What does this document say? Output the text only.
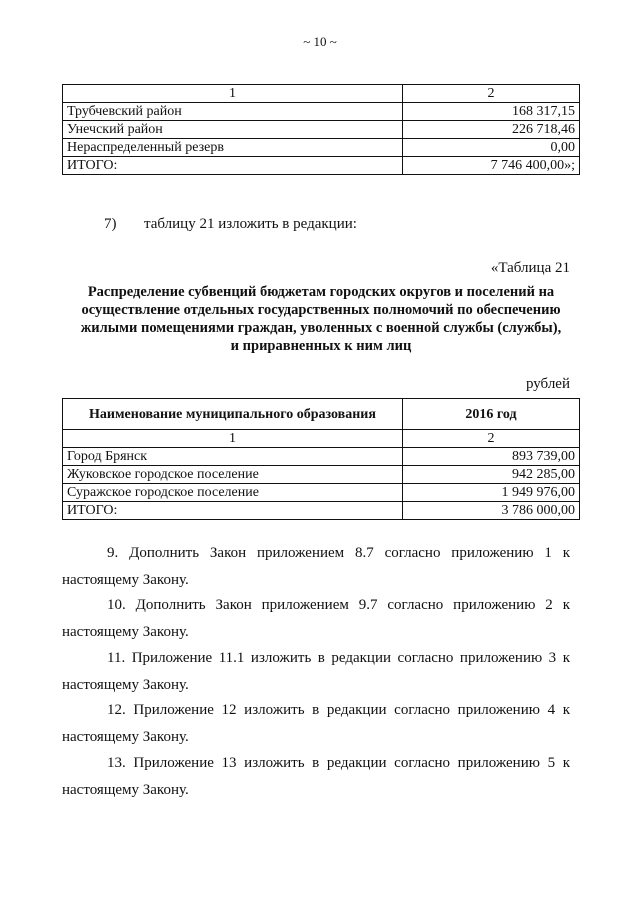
~ 10 ~
1	2
Трубчевский район	168 317,15
Унечский район	226 718,46
Нераспределенный резерв	0,00
ИТОГО:	7 746 400,00»;
7) таблицу 21 изложить в редакции:
«Таблица 21
Распределение субвенций бюджетам городских округов и поселений на
осуществление отдельных государственных полномочий по обеспечению
жилыми помещениями граждан, уволенных с военной службы (службы),
и приравненных к ним лиц
рублей
Наименование муниципального образования	2016 год
1	2
Город Брянск	893 739,00
Жуковское городское поселение	942 285,00
Суражское городское поселение	1 949 976,00
ИТОГО:	3 786 000,00
9. Дополнить Закон приложением 8.7 согласно приложению 1 к
настоящему Закону.
10. Дополнить Закон приложением 9.7 согласно приложению 2 к
настоящему Закону.
11. Приложение 11.1 изложить в редакции согласно приложению 3 к
настоящему Закону.
12. Приложение 12 изложить в редакции согласно приложению 4 к
настоящему Закону.
13. Приложение 13 изложить в редакции согласно приложению 5 к
настоящему Закону.
